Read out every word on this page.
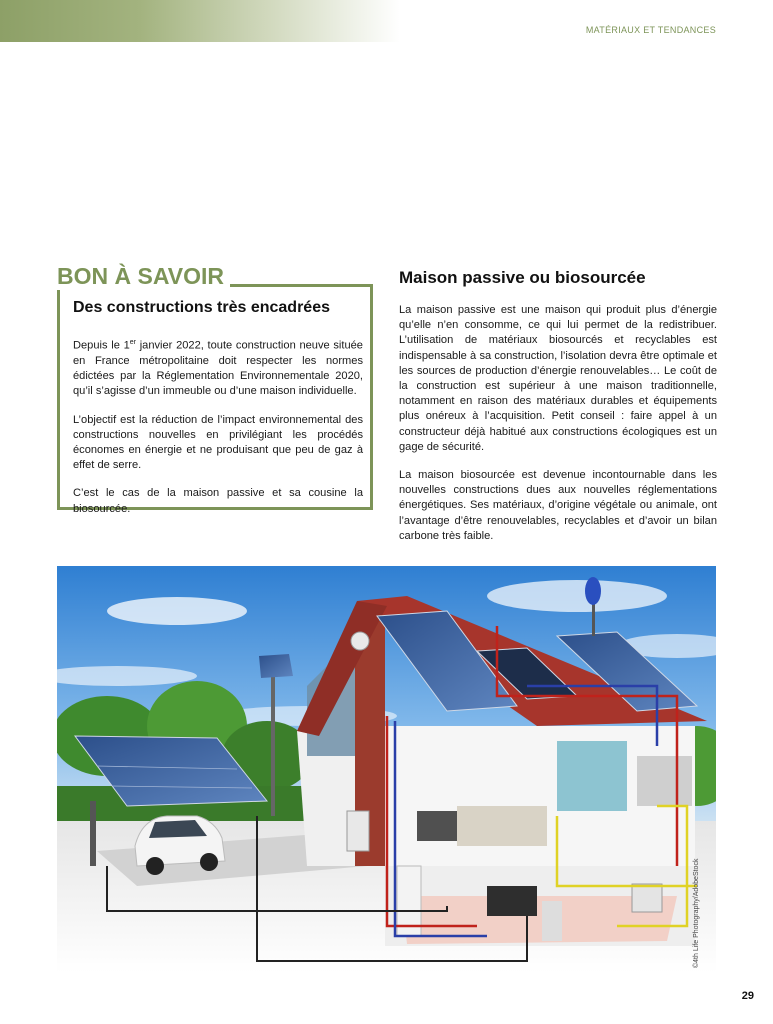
MATÉRIAUX ET TENDANCES
BON À SAVOIR
Des constructions très encadrées

Depuis le 1er janvier 2022, toute construction neuve située en France métropolitaine doit respecter les normes édictées par la Réglementation Environnementale 2020, qu’il s’agisse d’un immeuble ou d’une maison individuelle.

L’objectif est la réduction de l’impact environnemental des constructions nouvelles en privilégiant les procédés économes en énergie et ne produisant que peu de gaz à effet de serre.

C’est le cas de la maison passive et sa cousine la biosourcée.

Maison passive ou biosourcée

La maison passive est une maison qui produit plus d’énergie qu’elle n’en consomme, ce qui lui permet de la redistribuer. L’utilisation de matériaux biosourcés et recyclables est indispensable à sa construction, l’isolation devra être optimale et les sources de production d’énergie renouvelables… Le coût de la construction est supérieur à une maison traditionnelle, notamment en raison des matériaux durables et équipements plus onéreux à l’acquisition. Petit conseil : faire appel à un constructeur déjà habitué aux constructions écologiques est un gage de sécurité.

La maison biosourcée est devenue incontournable dans les nouvelles constructions dues aux nouvelles réglementations énergétiques. Ses matériaux, d’origine végétale ou animale, ont l’avantage d’être renouvelables, recyclables et d’avoir un bilan carbone très faible.

©4th Life Photography/AdobeStock
29
